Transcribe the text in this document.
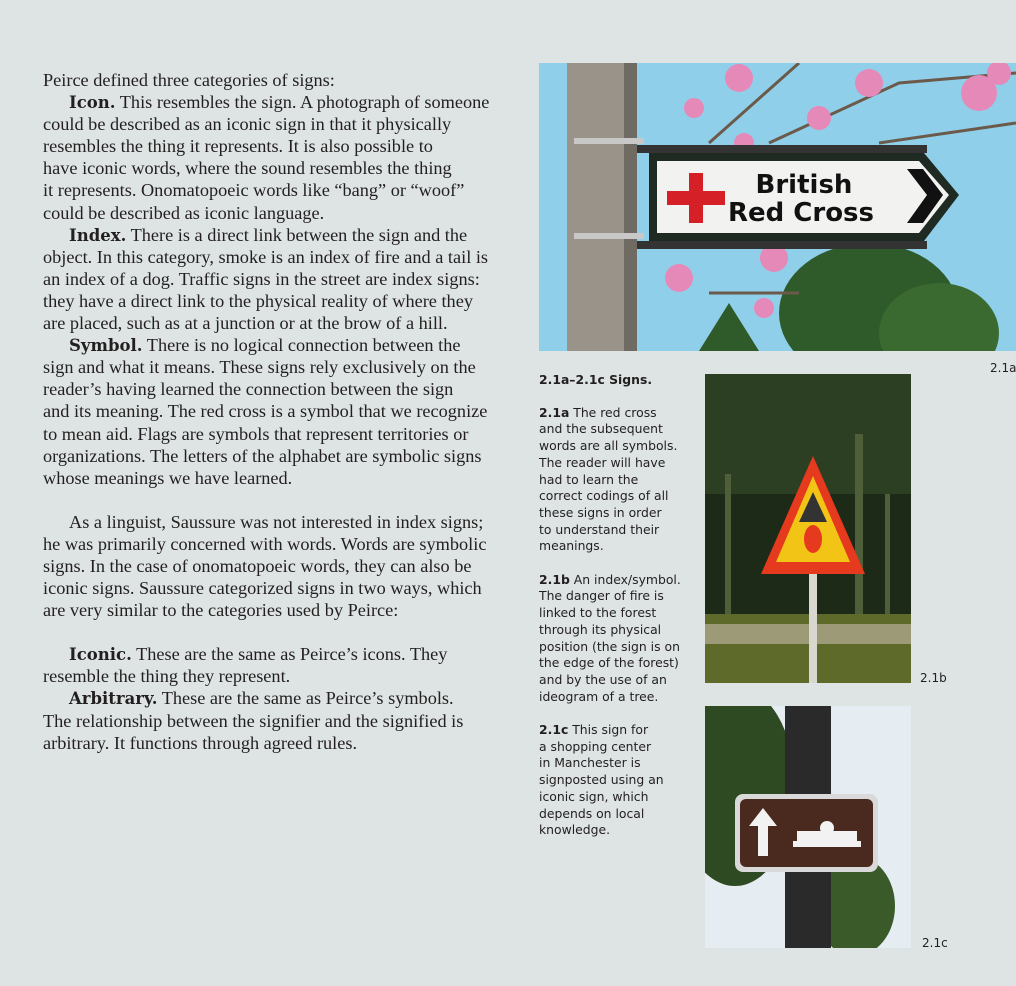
Peirce defined three categories of signs:
Icon. This resembles the sign. A photograph of someone
could be described as an iconic sign in that it physically
resembles the thing it represents. It is also possible to
have iconic words, where the sound resembles the thing
it represents. Onomatopoeic words like “bang” or “woof”
could be described as iconic language.
Index. There is a direct link between the sign and the
object. In this category, smoke is an index of fire and a tail is
an index of a dog. Traffic signs in the street are index signs:
they have a direct link to the physical reality of where they
are placed, such as at a junction or at the brow of a hill.
Symbol. There is no logical connection between the
sign and what it means. These signs rely exclusively on the
reader’s having learned the connection between the sign
and its meaning. The red cross is a symbol that we recognize
to mean aid. Flags are symbols that represent territories or
organizations. The letters of the alphabet are symbolic signs
whose meanings we have learned.
As a linguist, Saussure was not interested in index signs;
he was primarily concerned with words. Words are symbolic
signs. In the case of onomatopoeic words, they can also be
iconic signs. Saussure categorized signs in two ways, which
are very similar to the categories used by Peirce:
Iconic. These are the same as Peirce’s icons. They
resemble the thing they represent.
Arbitrary. These are the same as Peirce’s symbols.
The relationship between the signifier and the signified is
arbitrary. It functions through agreed rules.
2.1a–2.1c Signs.
2.1a The red cross
and the subsequent
words are all symbols.
The reader will have
had to learn the
correct codings of all
these signs in order
to understand their
meanings.
2.1b An index/symbol.
The danger of fire is
linked to the forest
through its physical
position (the sign is on
the edge of the forest)
and by the use of an
ideogram of a tree.
2.1c This sign for
a shopping center
in Manchester is
signposted using an
iconic sign, which
depends on local
knowledge.
British
Red Cross
2.1a
2.1b
2.1c
